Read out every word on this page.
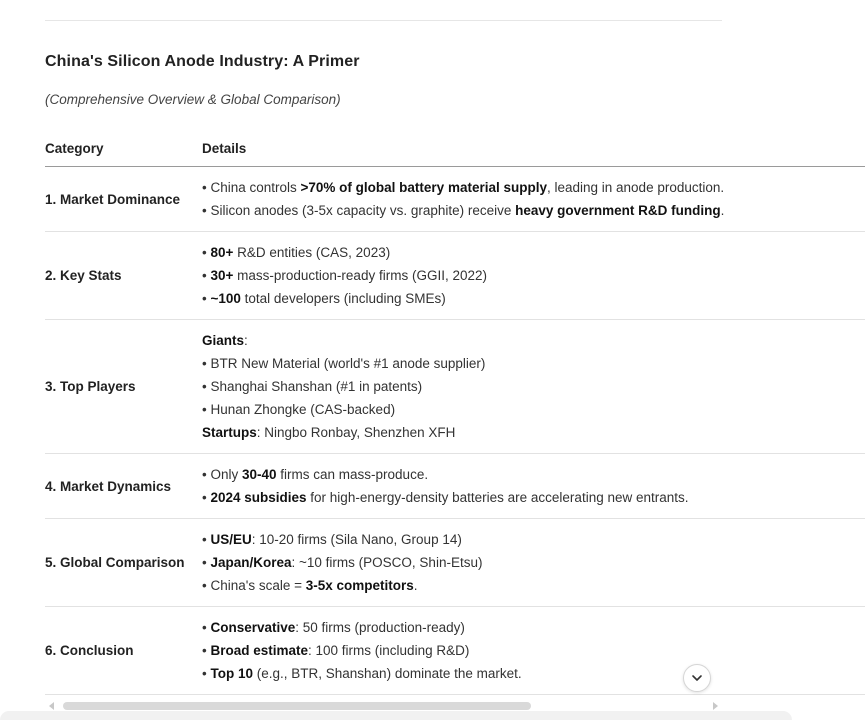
China's Silicon Anode Industry: A Primer
(Comprehensive Overview & Global Comparison)
Category	Details
1. Market Dominance	• China controls >70% of global battery material supply, leading in anode production.
• Silicon anodes (3-5x capacity vs. graphite) receive heavy government R&D funding.

2. Key Stats	• 80+ R&D entities (CAS, 2023)
• 30+ mass-production-ready firms (GGII, 2022)
• ~100 total developers (including SMEs)

3. Top Players	Giants:
• BTR New Material (world's #1 anode supplier)
• Shanghai Shanshan (#1 in patents)
• Hunan Zhongke (CAS-backed)
Startups: Ningbo Ronbay, Shenzhen XFH

4. Market Dynamics	• Only 30-40 firms can mass-produce.
• 2024 subsidies for high-energy-density batteries are accelerating new entrants.

5. Global Comparison	• US/EU: 10-20 firms (Sila Nano, Group 14)
• Japan/Korea: ~10 firms (POSCO, Shin-Etsu)
• China's scale = 3-5x competitors.

6. Conclusion	• Conservative: 50 firms (production-ready)
• Broad estimate: 100 firms (including R&D)
• Top 10 (e.g., BTR, Shanshan) dominate the market.
